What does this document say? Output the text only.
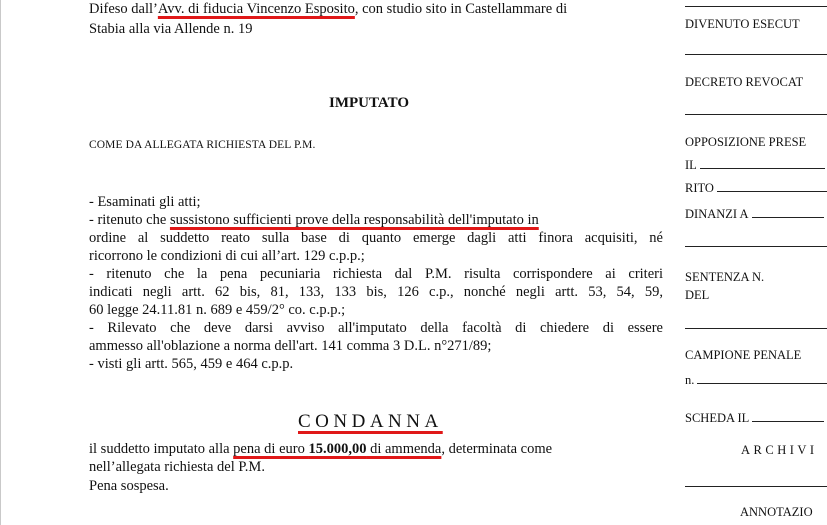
Difeso dall’Avv. di fiducia Vincenzo Esposito, con studio sito in Castellammare di
Stabia alla via Allende n. 19
IMPUTATO
COME DA ALLEGATA RICHIESTA DEL P.M.
- Esaminati gli atti;
- ritenuto che sussistono sufficienti prove della responsabilità dell'imputato in
ordine al suddetto reato sulla base di quanto emerge dagli atti finora acquisiti, né
ricorrono le condizioni di cui all’art. 129 c.p.p.;
- ritenuto che la pena pecuniaria richiesta dal P.M. risulta corrispondere ai criteri
indicati negli artt. 62 bis, 81, 133, 133 bis, 126 c.p., nonché negli artt. 53, 54, 59,
60 legge 24.11.81 n. 689 e 459/2° co. c.p.p.;
- Rilevato che deve darsi avviso all'imputato della facoltà di chiedere di essere
ammesso all'oblazione a norma dell'art. 141 comma 3 D.L. n°271/89;
- visti gli artt. 565, 459 e 464 c.p.p.
CONDANNA
il suddetto imputato alla pena di euro 15.000,00 di ammenda, determinata come
nell’allegata richiesta del P.M.
Pena sospesa.
DIVENUTO ESECUT
DECRETO REVOCAT
OPPOSIZIONE PRESE
IL
RITO
DINANZI A
SENTENZA N.
DEL
CAMPIONE PENALE
n.
SCHEDA IL
ARCHIVI
ANNOTAZIO
